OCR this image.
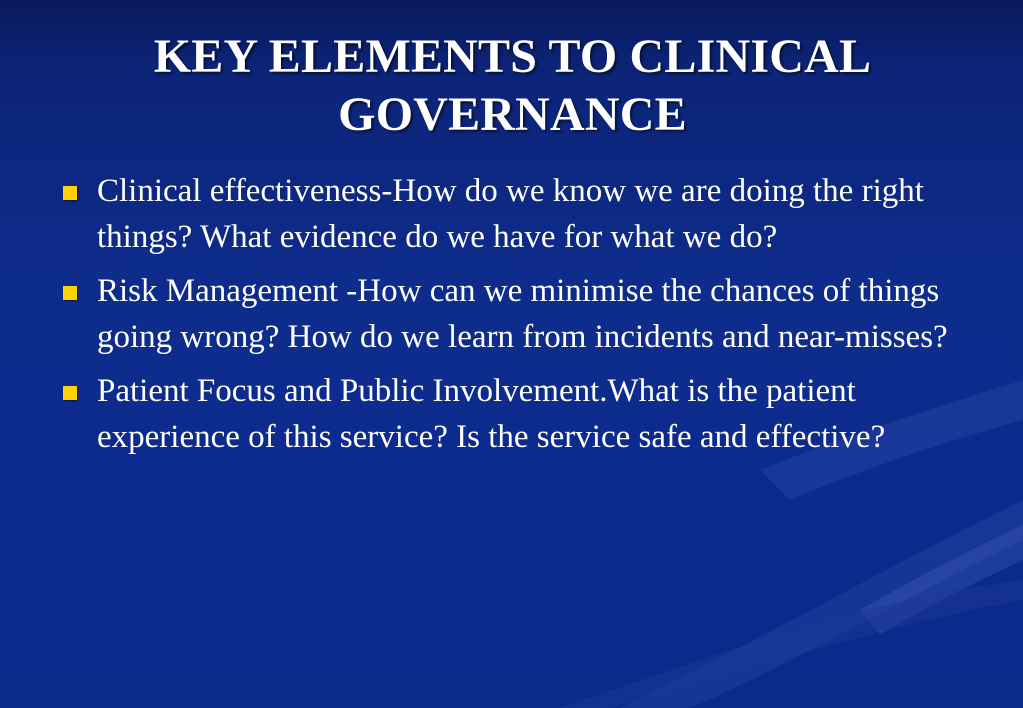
KEY ELEMENTS TO CLINICAL GOVERNANCE
Clinical effectiveness-How do we know we are doing the right things? What evidence do we have for what we do?
Risk Management -How can we minimise the chances of things going wrong? How do we learn from incidents and near-misses?
Patient Focus and Public Involvement.What is the patient experience of this service? Is the service safe and effective?
